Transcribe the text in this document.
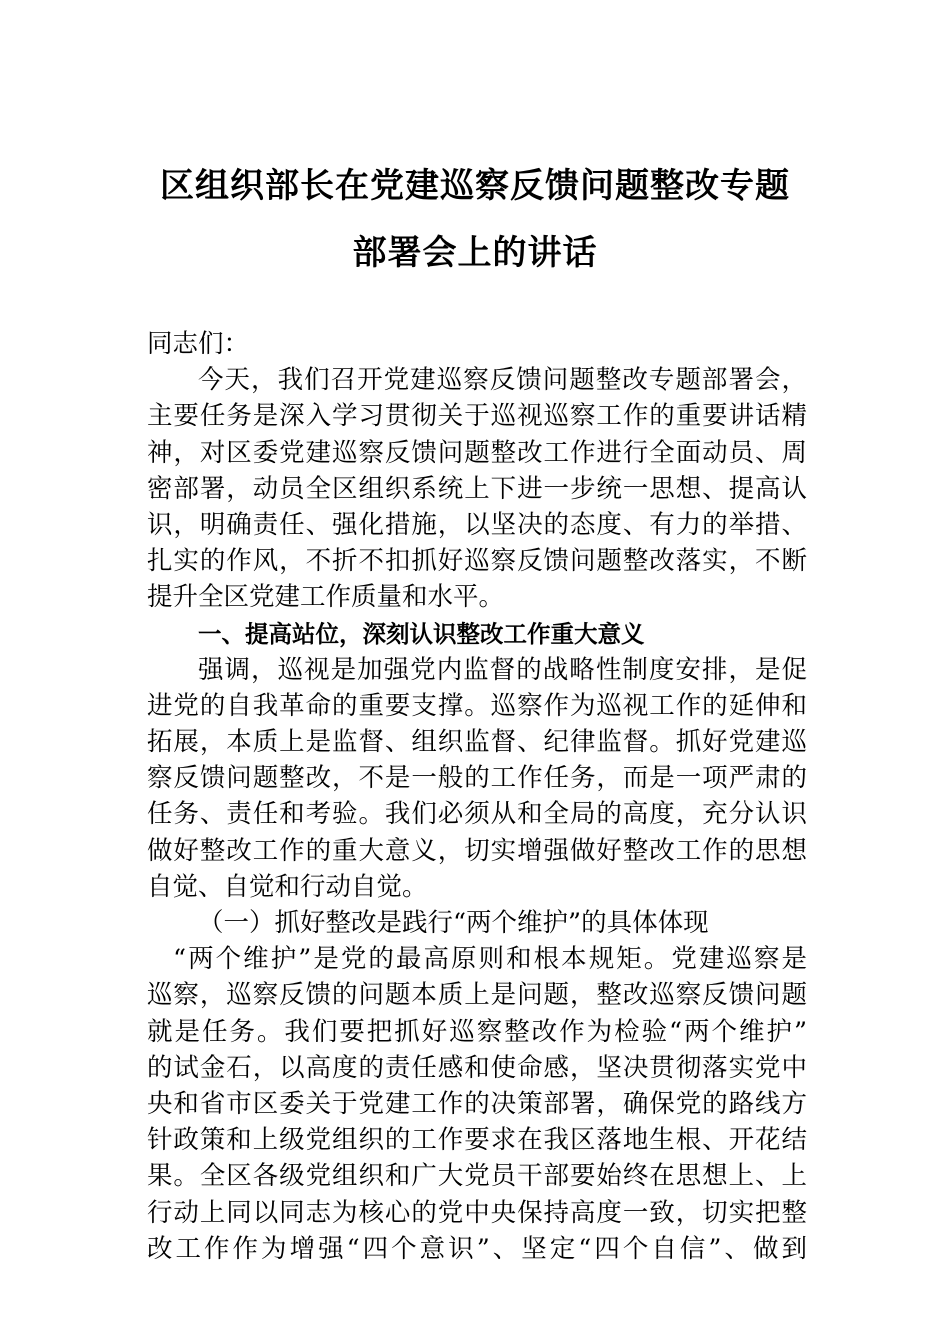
区组织部长在党建巡察反馈问题整改专题
部署会上的讲话
同志们：
今天，我们召开党建巡察反馈问题整改专题部署会，
主要任务是深入学习贯彻关于巡视巡察工作的重要讲话精
神，对区委党建巡察反馈问题整改工作进行全面动员、周
密部署，动员全区组织系统上下进一步统一思想、提高认
识，明确责任、强化措施，以坚决的态度、有力的举措、
扎实的作风，不折不扣抓好巡察反馈问题整改落实，不断
提升全区党建工作质量和水平。
一、提高站位，深刻认识整改工作重大意义
强调，巡视是加强党内监督的战略性制度安排，是促
进党的自我革命的重要支撑。巡察作为巡视工作的延伸和
拓展，本质上是监督、组织监督、纪律监督。抓好党建巡
察反馈问题整改，不是一般的工作任务，而是一项严肃的
任务、责任和考验。我们必须从和全局的高度，充分认识
做好整改工作的重大意义，切实增强做好整改工作的思想
自觉、自觉和行动自觉。
（一）抓好整改是践行“两个维护”的具体体现
“两个维护”是党的最高原则和根本规矩。党建巡察是
巡察，巡察反馈的问题本质上是问题，整改巡察反馈问题
就是任务。我们要把抓好巡察整改作为检验“两个维护”
的试金石，以高度的责任感和使命感，坚决贯彻落实党中
央和省市区委关于党建工作的决策部署，确保党的路线方
针政策和上级党组织的工作要求在我区落地生根、开花结
果。全区各级党组织和广大党员干部要始终在思想上、上
行动上同以同志为核心的党中央保持高度一致，切实把整
改工作作为增强“四个意识”、坚定“四个自信”、做到
